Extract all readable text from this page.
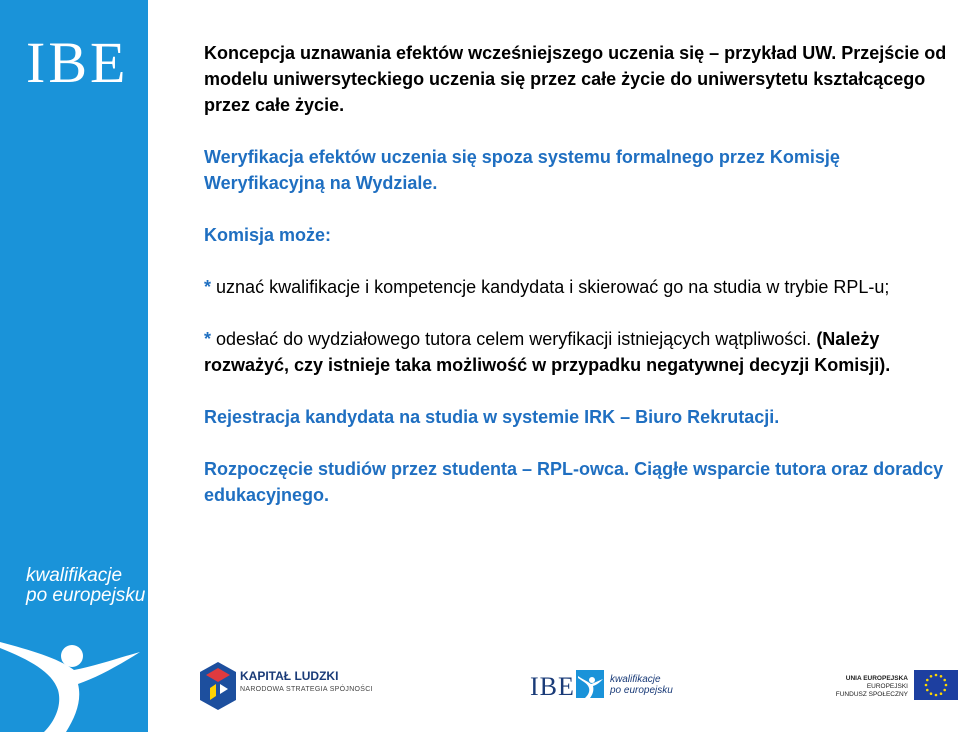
IBE
kwalifikacje
po europejsku

Koncepcja uznawania efektów wcześniejszego uczenia się – przykład UW. Przejście od modelu uniwersyteckiego uczenia się przez całe życie do uniwersytetu kształcącego przez całe życie.

Weryfikacja efektów uczenia się spoza systemu formalnego przez Komisję Weryfikacyjną na Wydziale.

Komisja może:

* uznać kwalifikacje i kompetencje kandydata i skierować go na studia w trybie RPL-u;

* odesłać do wydziałowego tutora celem weryfikacji istniejących wątpliwości. (Należy rozważyć, czy istnieje taka możliwość w przypadku negatywnej decyzji Komisji).

Rejestracja kandydata na studia w systemie IRK – Biuro Rekrutacji.

Rozpoczęcie studiów przez studenta – RPL-owca. Ciągłe wsparcie tutora oraz doradcy edukacyjnego.

KAPITAŁ LUDZKI
NARODOWA STRATEGIA SPÓJNOŚCI	IBE	kwalifikacje
po europejsku
UNIA EUROPEJSKA
EUROPEJSKI
FUNDUSZ SPOŁECZNY
